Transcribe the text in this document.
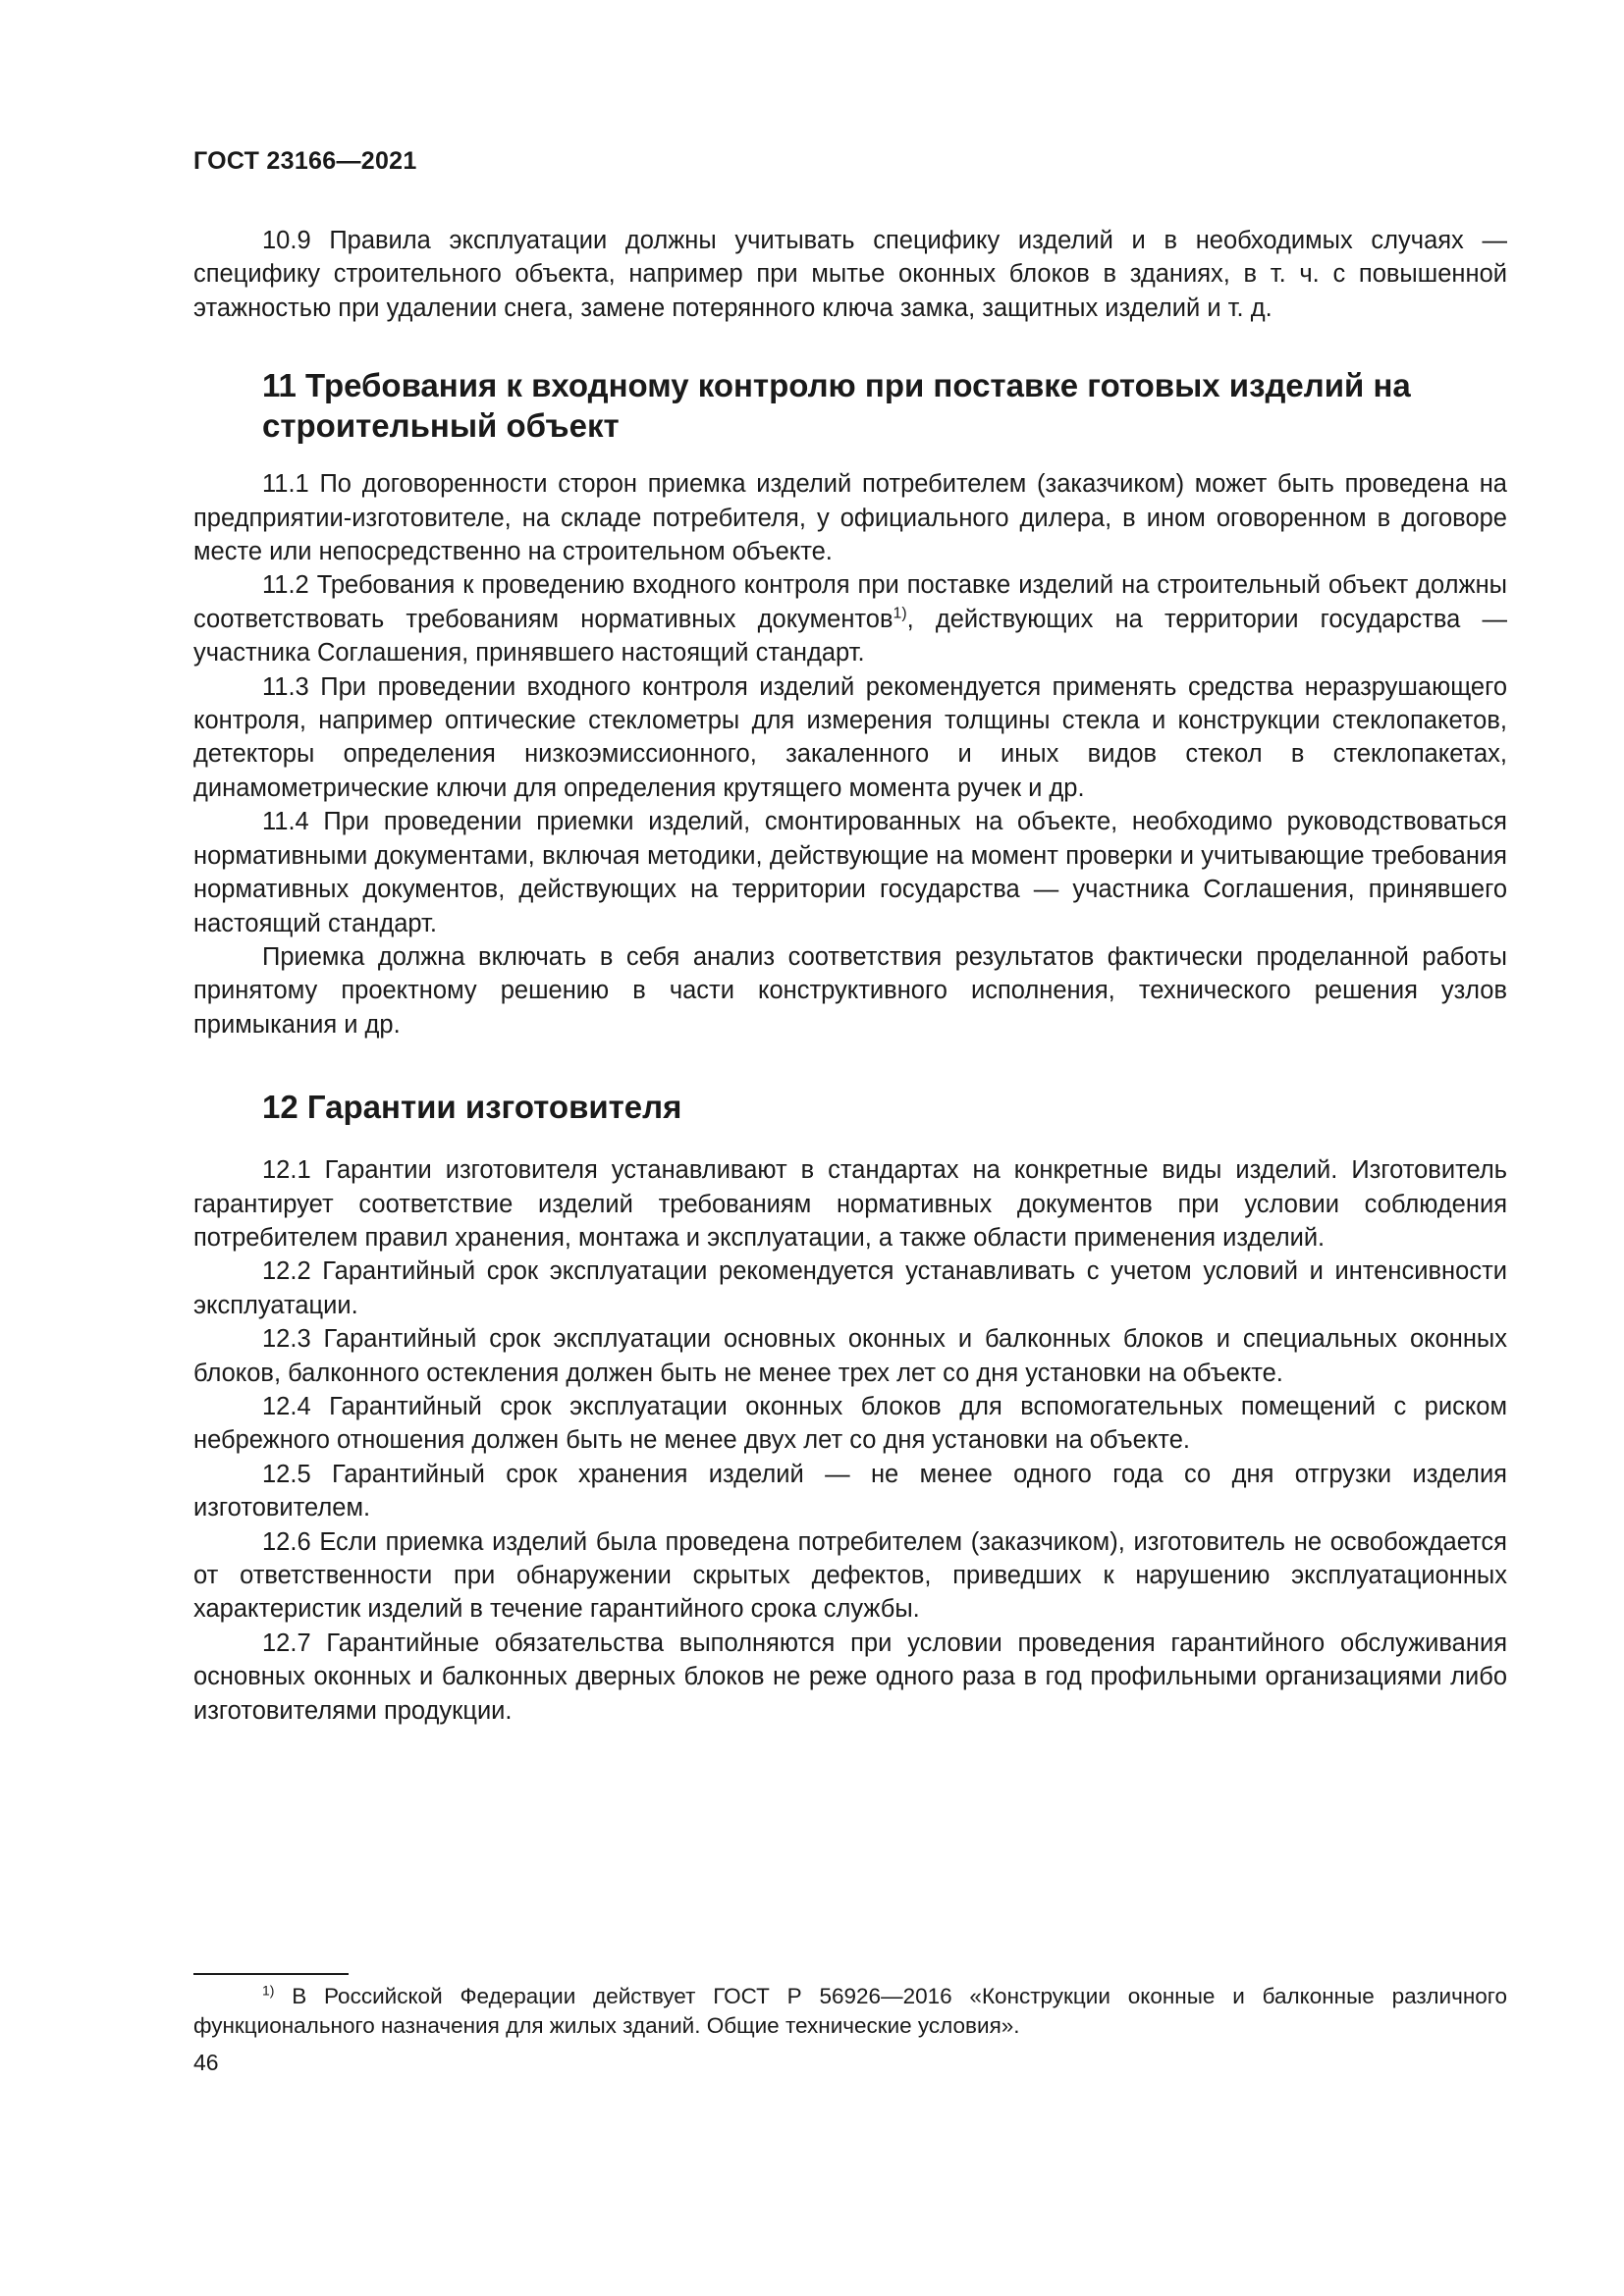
ГОСТ 23166—2021

10.9 Правила эксплуатации должны учитывать специфику изделий и в необходимых случаях — специфику строительного объекта, например при мытье оконных блоков в зданиях, в т. ч. с повышенной этажностью при удалении снега, замене потерянного ключа замка, защитных изделий и т. д.

11 Требования к входному контролю при поставке готовых изделий на строительный объект

11.1 По договоренности сторон приемка изделий потребителем (заказчиком) может быть проведена на предприятии-изготовителе, на складе потребителя, у официального дилера, в ином оговоренном в договоре месте или непосредственно на строительном объекте.

11.2 Требования к проведению входного контроля при поставке изделий на строительный объект должны соответствовать требованиям нормативных документов$^{1)}$, действующих на территории государства — участника Соглашения, принявшего настоящий стандарт.

11.3 При проведении входного контроля изделий рекомендуется применять средства неразрушающего контроля, например оптические стеклометры для измерения толщины стекла и конструкции стеклопакетов, детекторы определения низкоэмиссионного, закаленного и иных видов стекол в стеклопакетах, динамометрические ключи для определения крутящего момента ручек и др.

11.4 При проведении приемки изделий, смонтированных на объекте, необходимо руководствоваться нормативными документами, включая методики, действующие на момент проверки и учитывающие требования нормативных документов, действующих на территории государства — участника Соглашения, принявшего настоящий стандарт.

Приемка должна включать в себя анализ соответствия результатов фактически проделанной работы принятому проектному решению в части конструктивного исполнения, технического решения узлов примыкания и др.

12 Гарантии изготовителя

12.1 Гарантии изготовителя устанавливают в стандартах на конкретные виды изделий. Изготовитель гарантирует соответствие изделий требованиям нормативных документов при условии соблюдения потребителем правил хранения, монтажа и эксплуатации, а также области применения изделий.

12.2 Гарантийный срок эксплуатации рекомендуется устанавливать с учетом условий и интенсивности эксплуатации.

12.3 Гарантийный срок эксплуатации основных оконных и балконных блоков и специальных оконных блоков, балконного остекления должен быть не менее трех лет со дня установки на объекте.

12.4 Гарантийный срок эксплуатации оконных блоков для вспомогательных помещений с риском небрежного отношения должен быть не менее двух лет со дня установки на объекте.

12.5 Гарантийный срок хранения изделий — не менее одного года со дня отгрузки изделия изготовителем.

12.6 Если приемка изделий была проведена потребителем (заказчиком), изготовитель не освобождается от ответственности при обнаружении скрытых дефектов, приведших к нарушению эксплуатационных характеристик изделий в течение гарантийного срока службы.

12.7 Гарантийные обязательства выполняются при условии проведения гарантийного обслуживания основных оконных и балконных дверных блоков не реже одного раза в год профильными организациями либо изготовителями продукции.

$^{1)}$ В Российской Федерации действует ГОСТ Р 56926—2016 «Конструкции оконные и балконные различного функционального назначения для жилых зданий. Общие технические условия».

46
